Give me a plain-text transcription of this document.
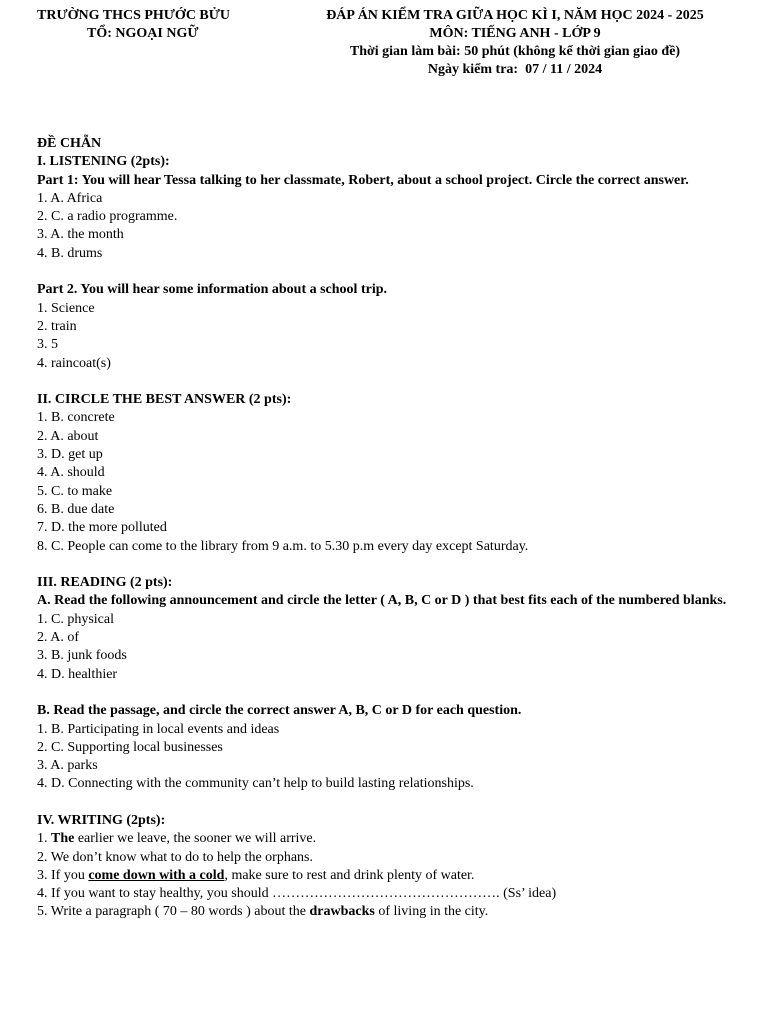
TRƯỜNG THCS PHƯỚC BỬU
TỔ: NGOẠI NGỮ
ĐÁP ÁN KIỂM TRA GIỮA HỌC KÌ I, NĂM HỌC 2024 - 2025
MÔN: TIẾNG ANH - LỚP 9
Thời gian làm bài: 50 phút (không kể thời gian giao đề)
Ngày kiểm tra: 07 / 11 / 2024
ĐỀ CHẴN
I. LISTENING (2pts):
Part 1: You will hear Tessa talking to her classmate, Robert, about a school project. Circle the correct answer.
1. A. Africa
2. C. a radio programme.
3. A. the month
4. B. drums
Part 2. You will hear some information about a school trip.
1. Science
2. train
3. 5
4. raincoat(s)
II. CIRCLE THE BEST ANSWER (2 pts):
1. B. concrete
2. A. about
3. D. get up
4. A. should
5. C. to make
6. B. due date
7. D. the more polluted
8. C. People can come to the library from 9 a.m. to 5.30 p.m every day except Saturday.
III. READING (2 pts):
A. Read the following announcement and circle the letter ( A, B, C or D ) that best fits each of the numbered blanks.
1. C. physical
2. A. of
3. B. junk foods
4. D. healthier
B. Read the passage, and circle the correct answer A, B, C or D for each question.
1. B. Participating in local events and ideas
2. C. Supporting local businesses
3. A. parks
4. D. Connecting with the community can’t help to build lasting relationships.
IV. WRITING (2pts):
1. The earlier we leave, the sooner we will arrive.
2. We don’t know what to do to help the orphans.
3. If you come down with a cold, make sure to rest and drink plenty of water.
4. If you want to stay healthy, you should …………………………………………. (Ss’ idea)
5. Write a paragraph ( 70 – 80 words ) about the drawbacks of living in the city.
